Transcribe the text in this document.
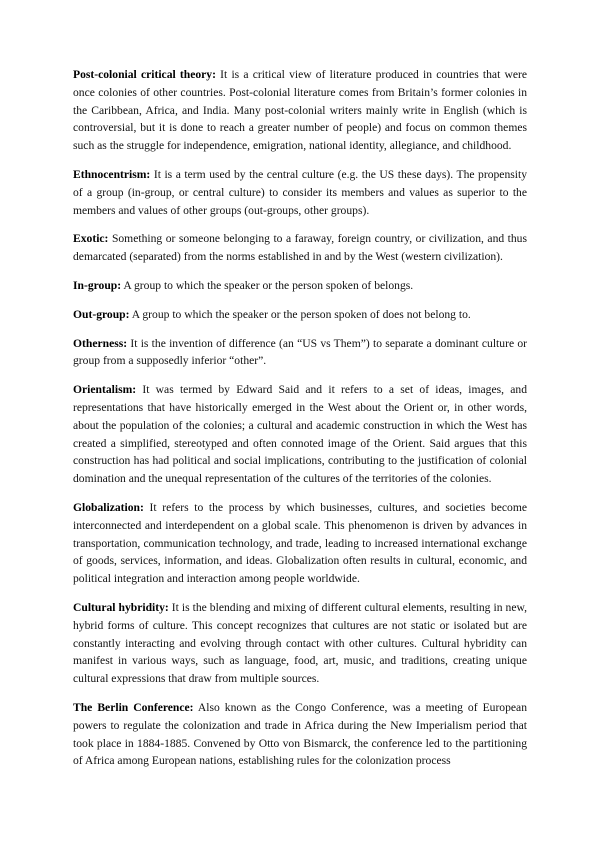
Post-colonial critical theory: It is a critical view of literature produced in countries that were once colonies of other countries. Post-colonial literature comes from Britain’s former colonies in the Caribbean, Africa, and India. Many post-colonial writers mainly write in English (which is controversial, but it is done to reach a greater number of people) and focus on common themes such as the struggle for independence, emigration, national identity, allegiance, and childhood.

Ethnocentrism: It is a term used by the central culture (e.g. the US these days). The propensity of a group (in-group, or central culture) to consider its members and values as superior to the members and values of other groups (out-groups, other groups).

Exotic: Something or someone belonging to a faraway, foreign country, or civilization, and thus demarcated (separated) from the norms established in and by the West (western civilization).

In-group: A group to which the speaker or the person spoken of belongs.

Out-group: A group to which the speaker or the person spoken of does not belong to.

Otherness: It is the invention of difference (an “US vs Them”) to separate a dominant culture or group from a supposedly inferior “other”.

Orientalism: It was termed by Edward Said and it refers to a set of ideas, images, and representations that have historically emerged in the West about the Orient or, in other words, about the population of the colonies; a cultural and academic construction in which the West has created a simplified, stereotyped and often connoted image of the Orient. Said argues that this construction has had political and social implications, contributing to the justification of colonial domination and the unequal representation of the cultures of the territories of the colonies.

Globalization: It refers to the process by which businesses, cultures, and societies become interconnected and interdependent on a global scale. This phenomenon is driven by advances in transportation, communication technology, and trade, leading to increased international exchange of goods, services, information, and ideas. Globalization often results in cultural, economic, and political integration and interaction among people worldwide.

Cultural hybridity: It is the blending and mixing of different cultural elements, resulting in new, hybrid forms of culture. This concept recognizes that cultures are not static or isolated but are constantly interacting and evolving through contact with other cultures. Cultural hybridity can manifest in various ways, such as language, food, art, music, and traditions, creating unique cultural expressions that draw from multiple sources.

The Berlin Conference: Also known as the Congo Conference, was a meeting of European powers to regulate the colonization and trade in Africa during the New Imperialism period that took place in 1884-1885. Convened by Otto von Bismarck, the conference led to the partitioning of Africa among European nations, establishing rules for the colonization process
